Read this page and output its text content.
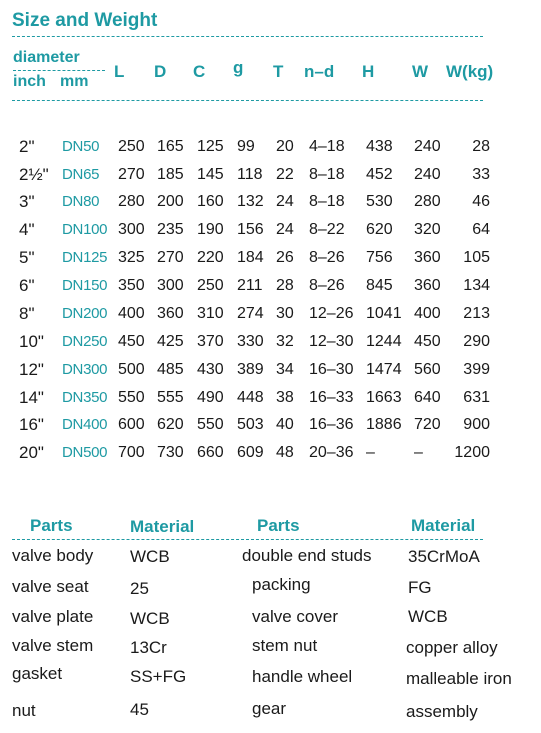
Size and Weight
diameter
inch mm
L D C g T n–d H W W(kg)
2" DN50 250 165 125 99 20 4–18 438 240 28
2½" DN65 270 185 145 118 22 8–18 452 240 33
3" DN80 280 200 160 132 24 8–18 530 280 46
4" DN100 300 235 190 156 24 8–22 620 320 64
5" DN125 325 270 220 184 26 8–26 756 360 105
6" DN150 350 300 250 211 28 8–26 845 360 134
8" DN200 400 360 310 274 30 12–26 1041 400 213
10" DN250 450 425 370 330 32 12–30 1244 450 290
12" DN300 500 485 430 389 34 16–30 1474 560 399
14" DN350 550 555 490 448 38 16–33 1663 640 631
16" DN400 600 620 550 503 40 16–36 1886 720 900
20" DN500 700 730 660 609 48 20–36 – – 1200
Parts	Material	Parts	Material
valve body WCB	double end studs 35CrMoA
valve seat 25	packing	FG
valve plate WCB	valve cover	WCB
valve stem 13Cr	stem nut	copper alloy
gasket	SS+FG	handle wheel	malleable iron
nut	45	gear	assembly
